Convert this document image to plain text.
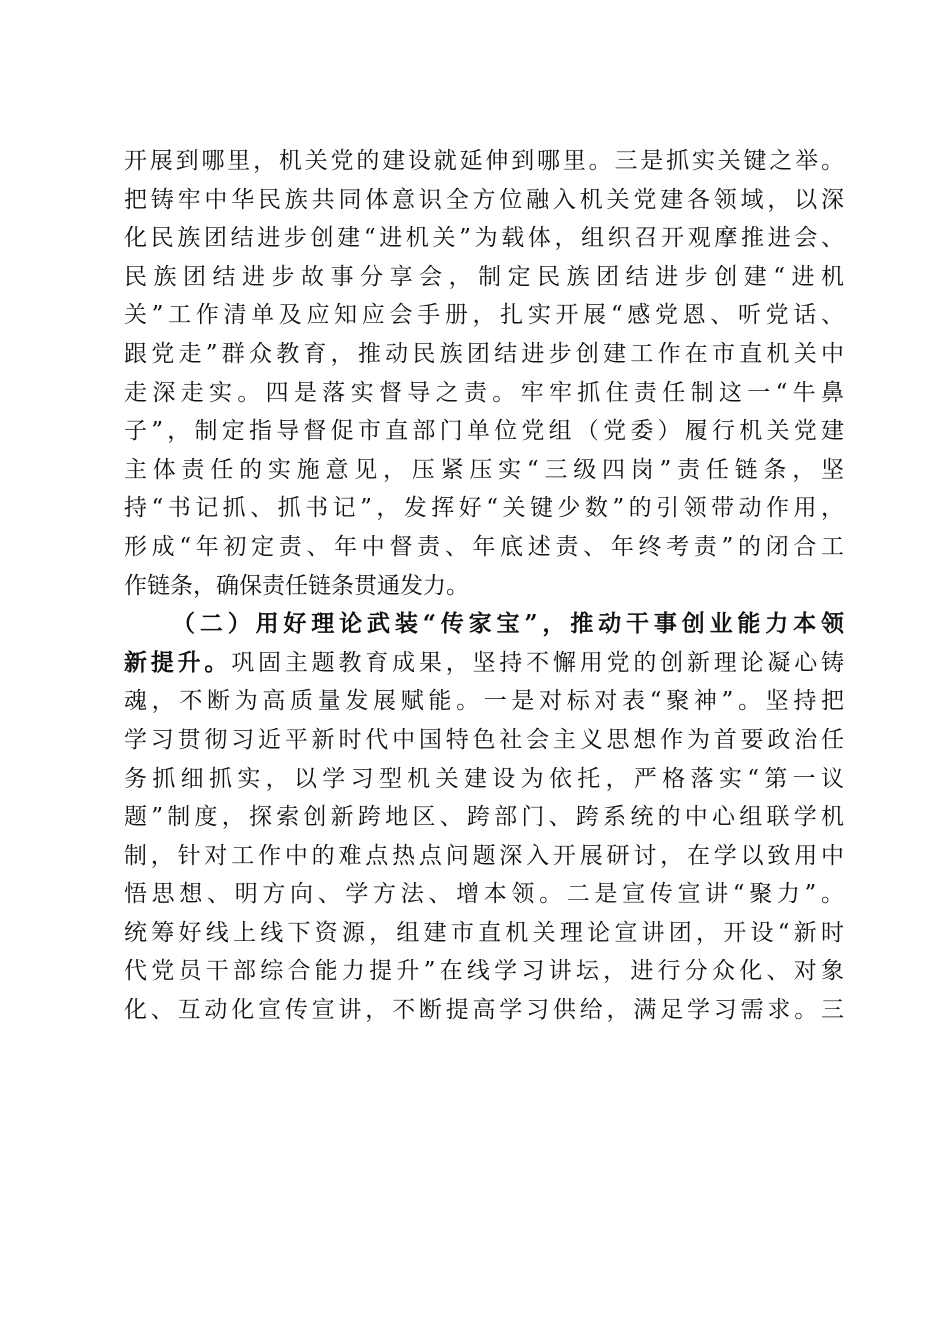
开展到哪里，机关党的建设就延伸到哪里。三是抓实关键之举。
把铸牢中华民族共同体意识全方位融入机关党建各领域，以深
化民族团结进步创建“进机关”为载体，组织召开观摩推进会、
民族团结进步故事分享会，制定民族团结进步创建“进机
关”工作清单及应知应会手册，扎实开展“感党恩、听党话、
跟党走”群众教育，推动民族团结进步创建工作在市直机关中
走深走实。四是落实督导之责。牢牢抓住责任制这一“牛鼻
子”，制定指导督促市直部门单位党组（党委）履行机关党建
主体责任的实施意见，压紧压实“三级四岗”责任链条，坚
持“书记抓、抓书记”，发挥好“关键少数”的引领带动作用，
形成“年初定责、年中督责、年底述责、年终考责”的闭合工
作链条，确保责任链条贯通发力。
（二）用好理论武装“传家宝”，推动干事创业能力本领
新提升。巩固主题教育成果，坚持不懈用党的创新理论凝心铸
魂，不断为高质量发展赋能。一是对标对表“聚神”。坚持把
学习贯彻习近平新时代中国特色社会主义思想作为首要政治任
务抓细抓实，以学习型机关建设为依托，严格落实“第一议
题”制度，探索创新跨地区、跨部门、跨系统的中心组联学机
制，针对工作中的难点热点问题深入开展研讨，在学以致用中
悟思想、明方向、学方法、增本领。二是宣传宣讲“聚力”。
统筹好线上线下资源，组建市直机关理论宣讲团，开设“新时
代党员干部综合能力提升”在线学习讲坛，进行分众化、对象
化、互动化宣传宣讲，不断提高学习供给，满足学习需求。三
